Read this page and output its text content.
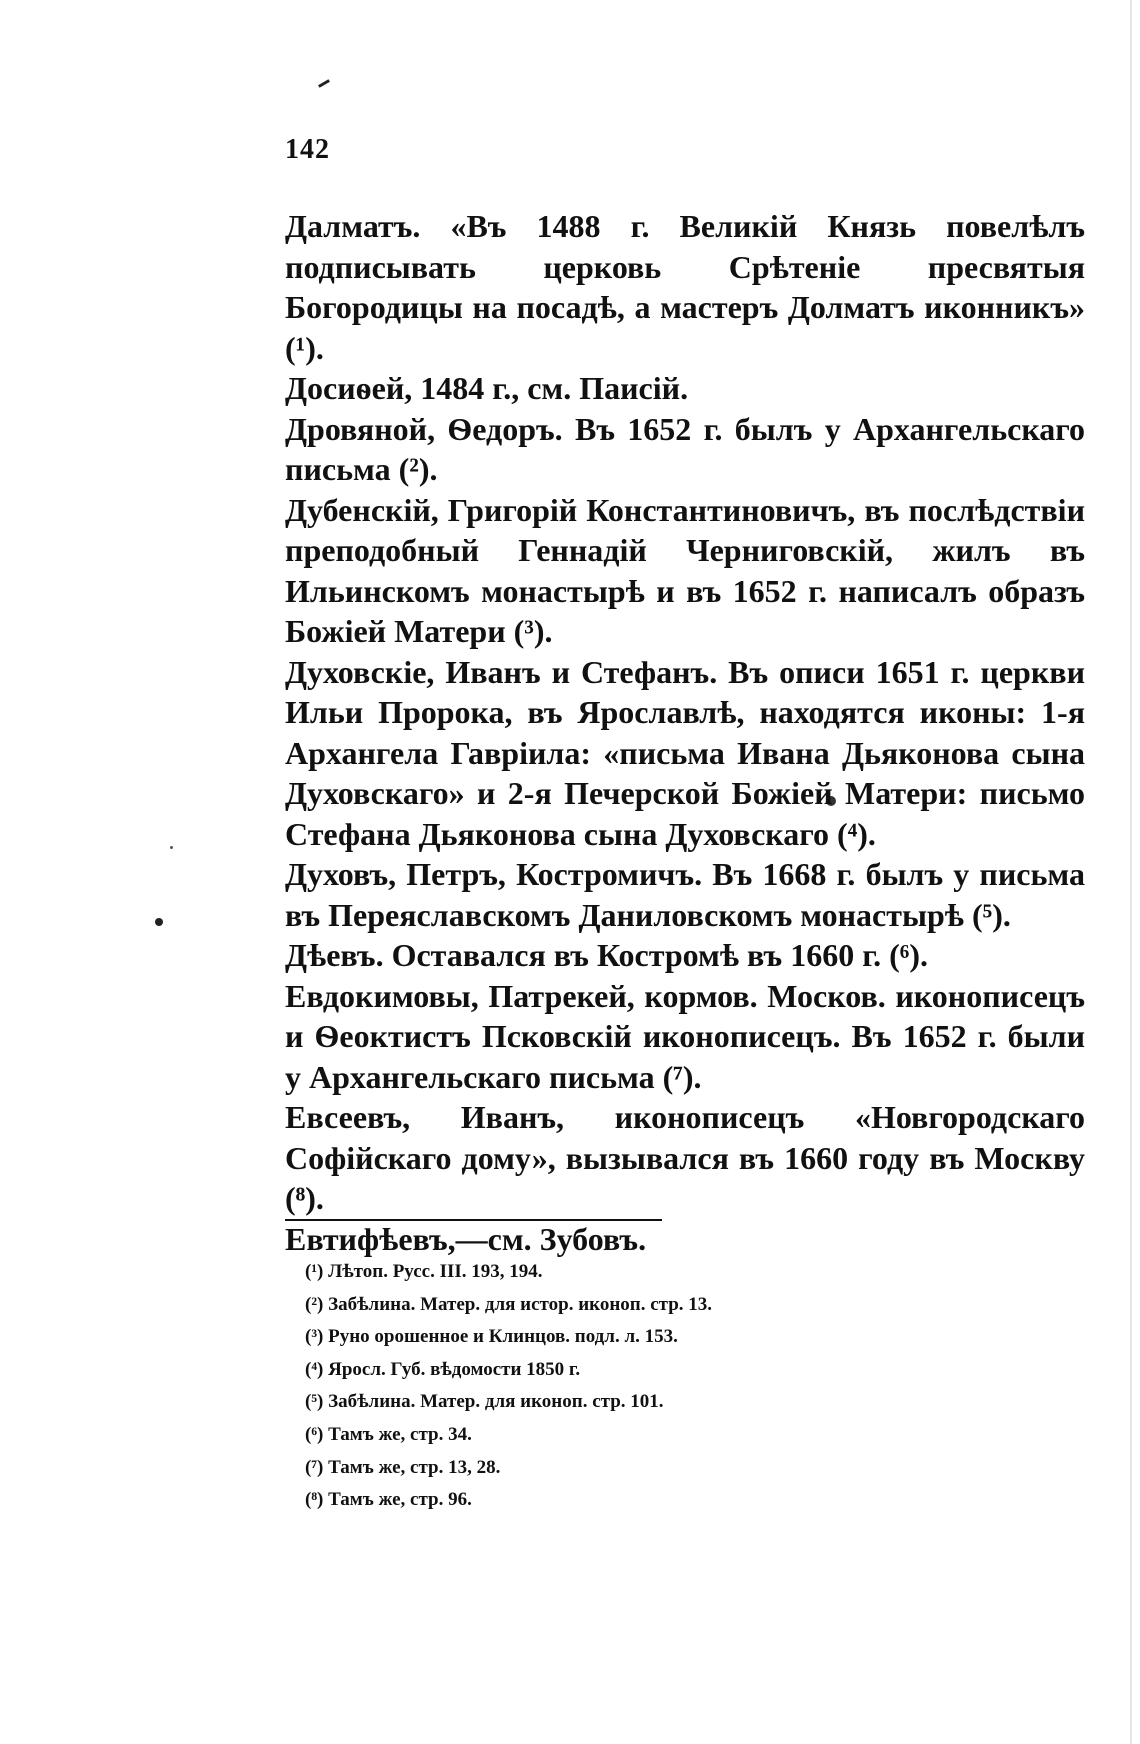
142

Далматъ. «Въ 1488 г. Великій Князь повелѣлъ подписывать церковь Срѣтеніе пресвятыя Богородицы на посадѣ, а мастеръ Долматъ иконникъ» (¹).

Досиѳей, 1484 г., см. Паисій.

Дровяной, Ѳедоръ. Въ 1652 г. былъ у Архангельскаго письма (²).

Дубенскій, Григорій Константиновичъ, въ послѣдствіи преподобный Геннадій Черниговскій, жилъ въ Ильинскомъ монастырѣ и въ 1652 г. написалъ образъ Божіей Матери (³).

Духовскіе, Иванъ и Стефанъ. Въ описи 1651 г. церкви Ильи Пророка, въ Ярославлѣ, находятся иконы: 1-я Архангела Гавріила: «письма Ивана Дьяконова сына Духовскаго» и 2-я Печерской Божіей Матери: письмо Стефана Дьяконова сына Духовскаго (⁴).

Духовъ, Петръ, Костромичъ. Въ 1668 г. былъ у письма въ Переяславскомъ Даниловскомъ монастырѣ (⁵).

Дѣевъ. Оставался въ Костромѣ въ 1660 г. (⁶).

Евдокимовы, Патрекей, кормов. Москов. иконописецъ и Ѳеоктистъ Псковскій иконописецъ. Въ 1652 г. были у Архангельскаго письма (⁷).

Евсеевъ, Иванъ, иконописецъ «Новгородскаго Софійскаго дому», вызывался въ 1660 году въ Москву (⁸).

Евтифѣевъ,—см. Зубовъ.

(¹) Лѣтоп. Русс. III. 193, 194.
(²) Забѣлина. Матер. для истор. иконоп. стр. 13.
(³) Руно орошенное и Клинцов. подл. л. 153.
(⁴) Яросл. Губ. вѣдомости 1850 г.
(⁵) Забѣлина. Матер. для иконоп. стр. 101.
(⁶) Тамъ же, стр. 34.
(⁷) Тамъ же, стр. 13, 28.
(⁸) Тамъ же, стр. 96.
